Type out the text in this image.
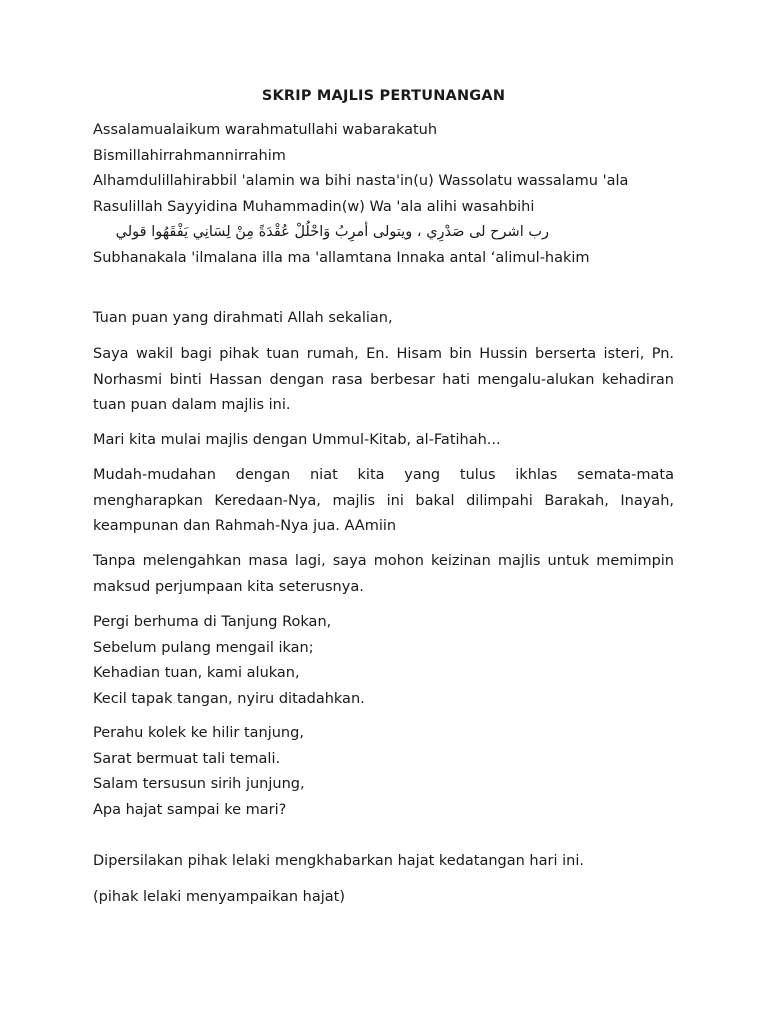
SKRIP MAJLIS PERTUNANGAN
Assalamualaikum warahmatullahi wabarakatuh
Bismillahirrahmannirrahim
Alhamdulillahirabbil 'alamin wa bihi nasta'in(u) Wassolatu wassalamu 'ala
Rasulillah Sayyidina Muhammadin(w) Wa 'ala alihi wasahbihi
رب اشرح لى صَدْرِي ، ويتولى أمرِبُ وَاحْلُلْ عُقْدَةً مِنْ لِسَانِي يَفْقَهُوا قولي
Subhanakala 'ilmalana illa ma 'allamtana Innaka antal ‘alimul-hakim
Tuan puan yang dirahmati Allah sekalian,
Saya wakil bagi pihak tuan rumah, En. Hisam bin Hussin berserta isteri, Pn. Norhasmi binti Hassan dengan rasa berbesar hati mengalu-alukan kehadiran tuan puan dalam majlis ini.
Mari kita mulai majlis dengan Ummul-Kitab, al-Fatihah...
Mudah-mudahan dengan niat kita yang tulus ikhlas semata-mata mengharapkan Keredaan-Nya, majlis ini bakal dilimpahi Barakah, Inayah, keampunan dan Rahmah-Nya jua. AAmiin
Tanpa melengahkan masa lagi, saya mohon keizinan majlis untuk memimpin maksud perjumpaan kita seterusnya.
Pergi berhuma di Tanjung Rokan,
Sebelum pulang mengail ikan;
Kehadian tuan, kami alukan,
Kecil tapak tangan, nyiru ditadahkan.
Perahu kolek ke hilir tanjung,
Sarat bermuat tali temali.
Salam tersusun sirih junjung,
Apa hajat sampai ke mari?
Dipersilakan pihak lelaki mengkhabarkan hajat kedatangan hari ini.
(pihak lelaki menyampaikan hajat)
